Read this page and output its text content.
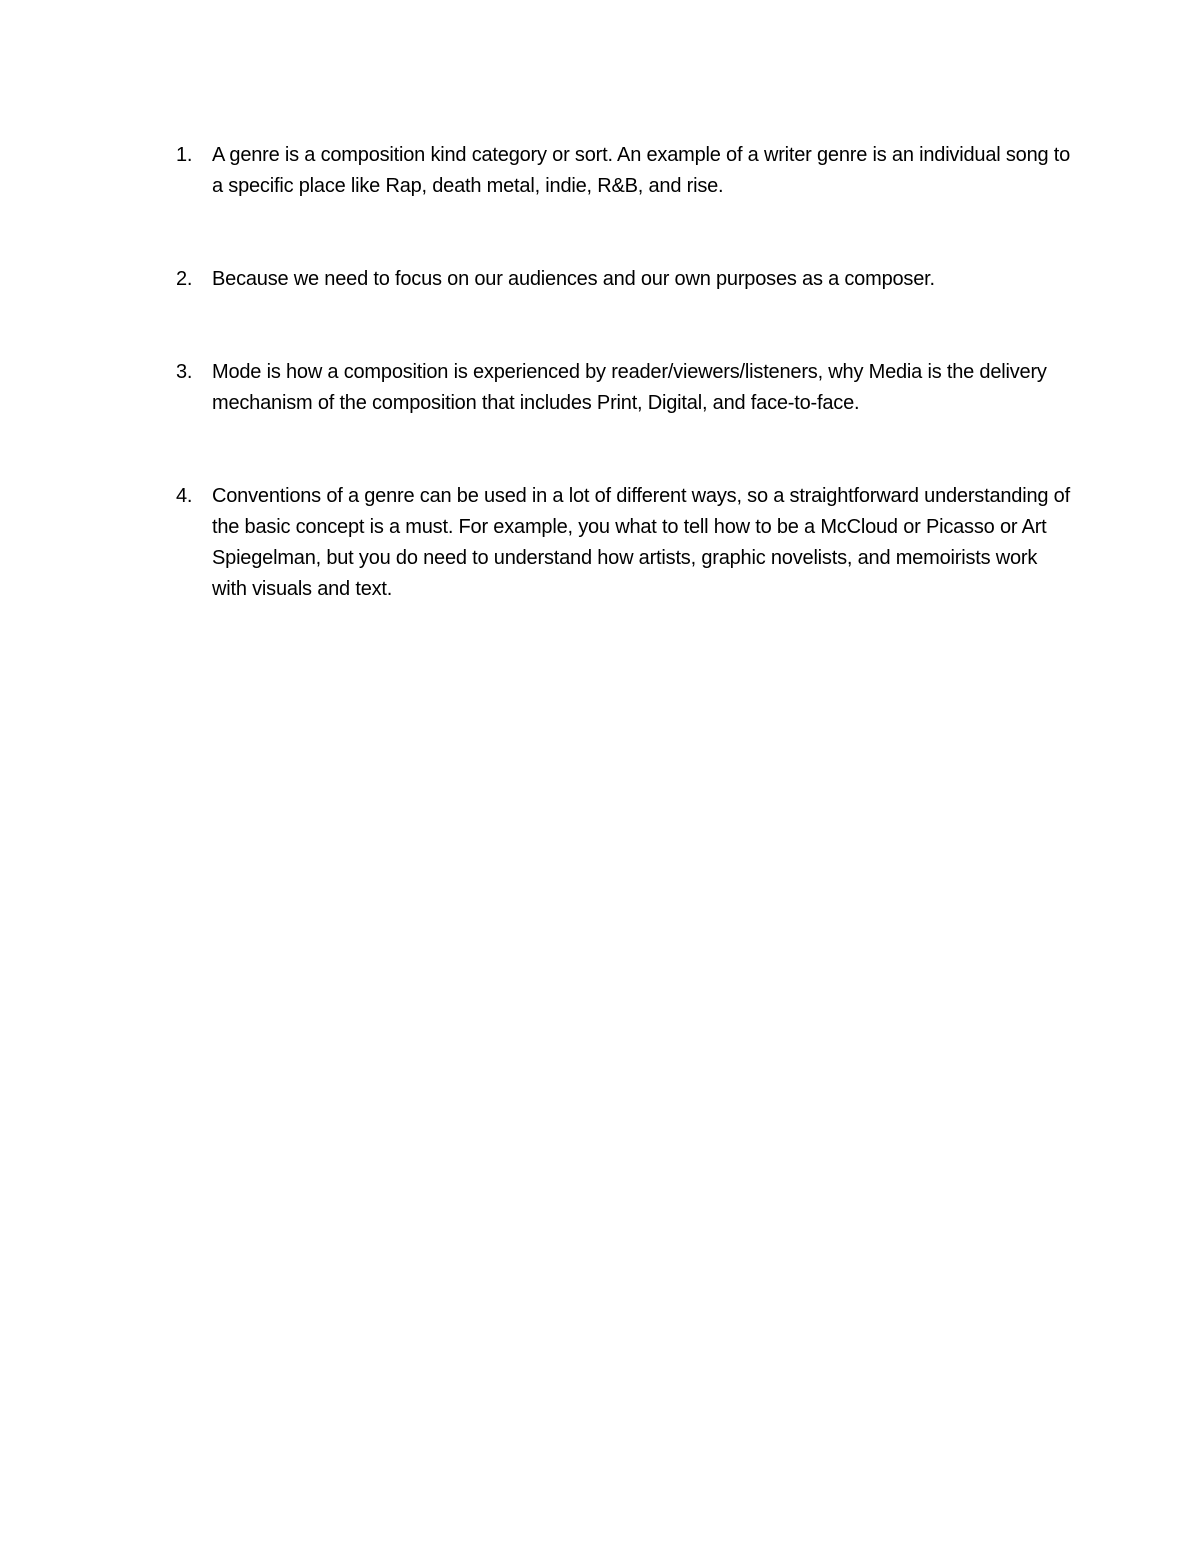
1. A genre is a composition kind category or sort. An example of a writer genre is an individual song to a specific place like Rap, death metal, indie, R&B, and rise.
2. Because we need to focus on our audiences and our own purposes as a composer.
3. Mode is how a composition is experienced by reader/viewers/listeners, why Media is the delivery mechanism of the composition that includes Print, Digital, and face-to-face.
4. Conventions of a genre can be used in a lot of different ways, so a straightforward understanding of the basic concept is a must. For example, you what to tell how to be a McCloud or Picasso or Art Spiegelman, but you do need to understand how artists, graphic novelists, and memoirists work with visuals and text.
